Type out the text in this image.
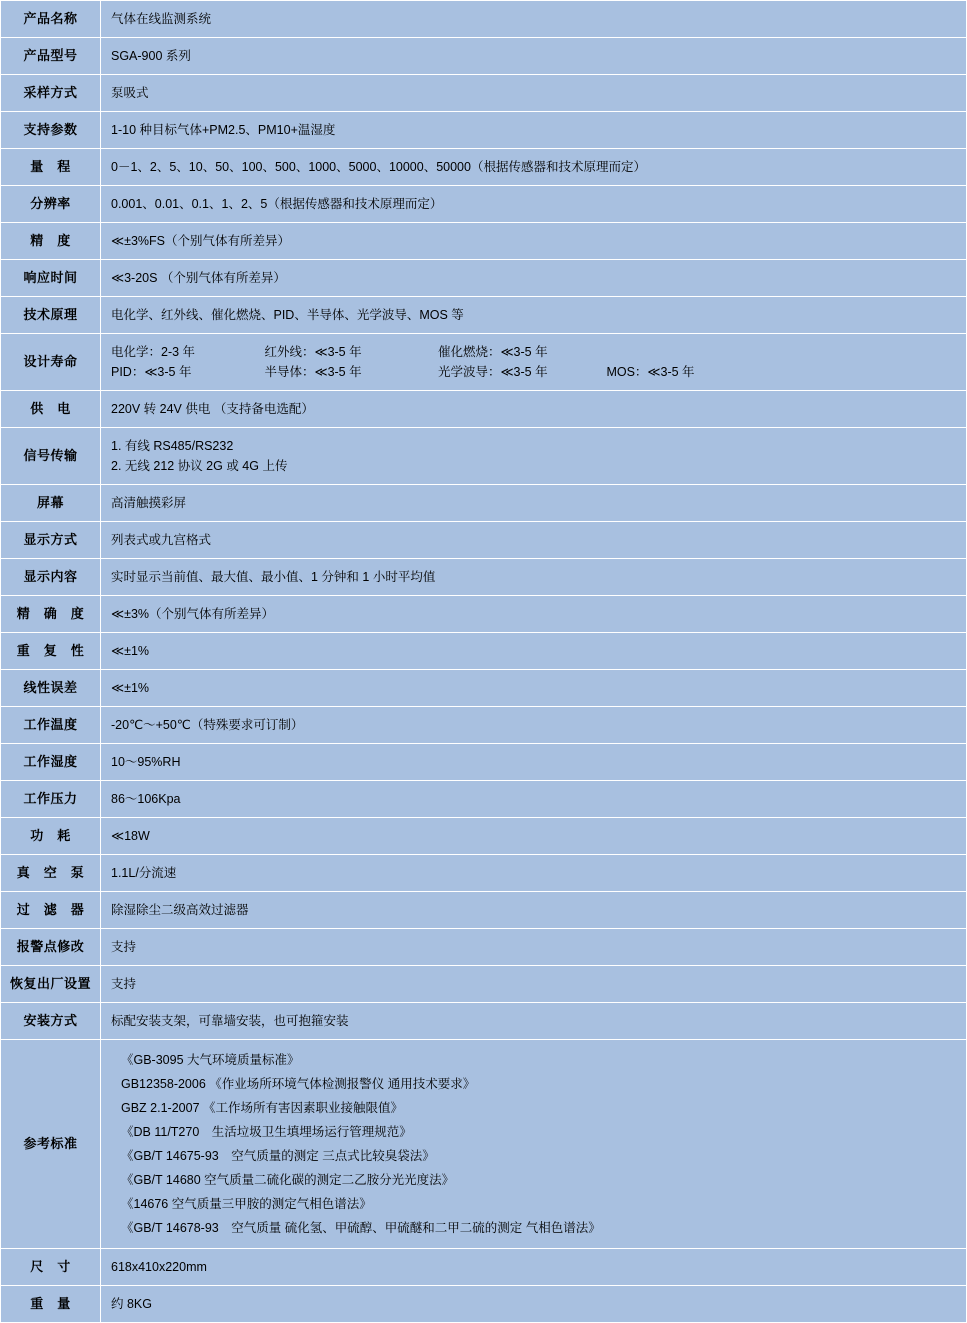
产品名称	气体在线监测系统
产品型号	SGA-900 系列
采样方式	泵吸式
支持参数	1-10 种目标气体+PM2.5、PM10+温湿度
量　程	0－1、2、5、10、50、100、500、1000、5000、10000、50000（根据传感器和技术原理而定）
分辨率	0.001、0.01、0.1、1、2、5（根据传感器和技术原理而定）
精　度	≪±3%FS（个别气体有所差异）
响应时间	≪3-20S （个别气体有所差异）
技术原理	电化学、红外线、催化燃烧、PID、半导体、光学波导、MOS 等
设计寿命	电化学：2-3 年 红外线：≪3-5 年 催化燃烧：≪3-5 年
PID：≪3-5 年 半导体：≪3-5 年 光学波导：≪3-5 年 MOS：≪3-5 年

供　电	220V 转 24V 供电 （支持备电选配）
信号传输	1. 有线 RS485/RS232
2. 无线 212 协议 2G 或 4G 上传

屏幕	高清触摸彩屏
显示方式	列表式或九宫格式
显示内容	实时显示当前值、最大值、最小值、1 分钟和 1 小时平均值
精　确　度	≪±3%（个别气体有所差异）
重　复　性	≪±1%
线性误差	≪±1%
工作温度	-20℃～+50℃（特殊要求可订制）
工作湿度	10～95%RH
工作压力	86～106Kpa
功　耗	≪18W
真　空　泵	1.1L/分流速
过　滤　器	除湿除尘二级高效过滤器
报警点修改	支持
恢复出厂设置	支持
安装方式	标配安装支架，可靠墙安装，也可抱箍安装
参考标准	
《GB-3095 大气环境质量标准》
GB12358-2006 《作业场所环境气体检测报警仪 通用技术要求》
GBZ 2.1-2007 《工作场所有害因素职业接触限值》
《DB 11/T270　生活垃圾卫生填埋场运行管理规范》
《GB/T 14675-93　空气质量的测定 三点式比较臭袋法》
《GB/T 14680 空气质量二硫化碳的测定二乙胺分光光度法》
《14676 空气质量三甲胺的测定气相色谱法》
《GB/T 14678-93　空气质量 硫化氢、甲硫醇、甲硫醚和二甲二硫的测定 气相色谱法》

尺　寸	618x410x220mm
重　量	约 8KG
